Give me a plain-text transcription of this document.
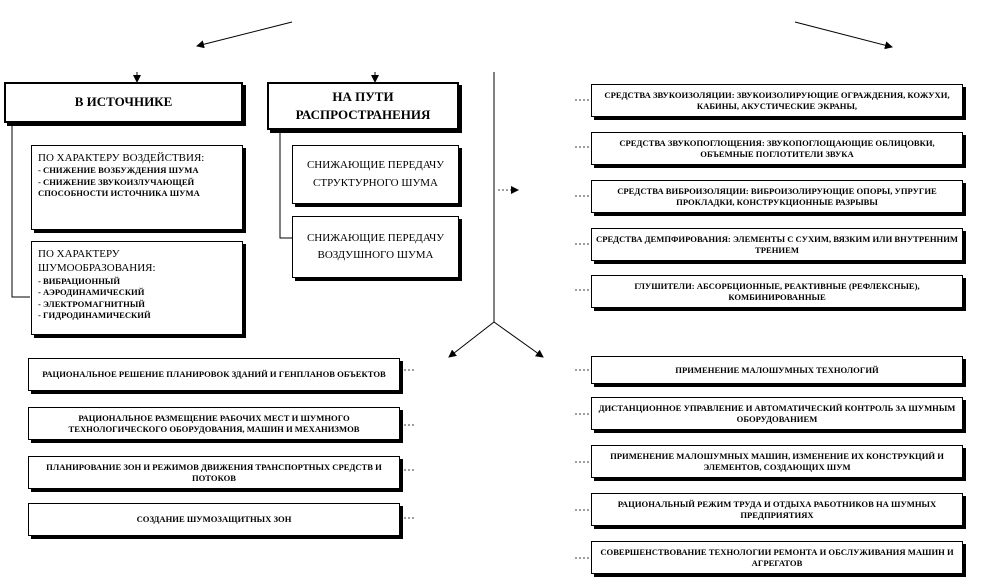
В ИСТОЧНИКЕ
ПО ХАРАКТЕРУ ВОЗДЕЙСТВИЯ:
- СНИЖЕНИЕ ВОЗБУЖДЕНИЯ ШУМА
- СНИЖЕНИЕ ЗВУКОИЗЛУЧАЮЩЕЙ СПОСОБНОСТИ ИСТОЧНИКА ШУМА
ПО ХАРАКТЕРУ ШУМООБРАЗОВАНИЯ:
- ВИБРАЦИОННЫЙ
- АЭРОДИНАМИЧЕСКИЙ
- ЭЛЕКТРОМАГНИТНЫЙ
- ГИДРОДИНАМИЧЕСКИЙ
НА ПУТИ РАСПРОСТРАНЕНИЯ
СНИЖАЮЩИЕ ПЕРЕДАЧУ СТРУКТУРНОГО ШУМА
СНИЖАЮЩИЕ ПЕРЕДАЧУ ВОЗДУШНОГО ШУМА
СРЕДСТВА ЗВУКОИЗОЛЯЦИИ: ЗВУКОИЗОЛИРУЮЩИЕ ОГРАЖДЕНИЯ, КОЖУХИ, КАБИНЫ, АКУСТИЧЕСКИЕ ЭКРАНЫ,
СРЕДСТВА ЗВУКОПОГЛОЩЕНИЯ: ЗВУКОПОГЛОЩАЮЩИЕ ОБЛИЦОВКИ, ОБЪЕМНЫЕ ПОГЛОТИТЕЛИ ЗВУКА
СРЕДСТВА ВИБРОИЗОЛЯЦИИ: ВИБРОИЗОЛИРУЮЩИЕ ОПОРЫ, УПРУГИЕ ПРОКЛАДКИ, КОНСТРУКЦИОННЫЕ РАЗРЫВЫ
СРЕДСТВА ДЕМПФИРОВАНИЯ: ЭЛЕМЕНТЫ С СУХИМ, ВЯЗКИМ ИЛИ ВНУТРЕННИМ ТРЕНИЕМ
ГЛУШИТЕЛИ: АБСОРБЦИОННЫЕ, РЕАКТИВНЫЕ (РЕФЛЕКСНЫЕ), КОМБИНИРОВАННЫЕ
РАЦИОНАЛЬНОЕ РЕШЕНИЕ ПЛАНИРОВОК ЗДАНИЙ И ГЕНПЛАНОВ ОБЪЕКТОВ
РАЦИОНАЛЬНОЕ РАЗМЕЩЕНИЕ РАБОЧИХ МЕСТ И ШУМНОГО ТЕХНОЛОГИЧЕСКОГО ОБОРУДОВАНИЯ, МАШИН И МЕХАНИЗМОВ
ПЛАНИРОВАНИЕ ЗОН И РЕЖИМОВ ДВИЖЕНИЯ ТРАНСПОРТНЫХ СРЕДСТВ И ПОТОКОВ
СОЗДАНИЕ ШУМОЗАЩИТНЫХ ЗОН
ПРИМЕНЕНИЕ МАЛОШУМНЫХ ТЕХНОЛОГИЙ
ДИСТАНЦИОННОЕ УПРАВЛЕНИЕ И АВТОМАТИЧЕСКИЙ КОНТРОЛЬ ЗА ШУМНЫМ ОБОРУДОВАНИЕМ
ПРИМЕНЕНИЕ МАЛОШУМНЫХ МАШИН, ИЗМЕНЕНИЕ ИХ КОНСТРУКЦИЙ И ЭЛЕМЕНТОВ, СОЗДАЮЩИХ ШУМ
РАЦИОНАЛЬНЫЙ РЕЖИМ ТРУДА И ОТДЫХА РАБОТНИКОВ НА ШУМНЫХ ПРЕДПРИЯТИЯХ
СОВЕРШЕНСТВОВАНИЕ ТЕХНОЛОГИИ РЕМОНТА И ОБСЛУЖИВАНИЯ МАШИН И АГРЕГАТОВ
